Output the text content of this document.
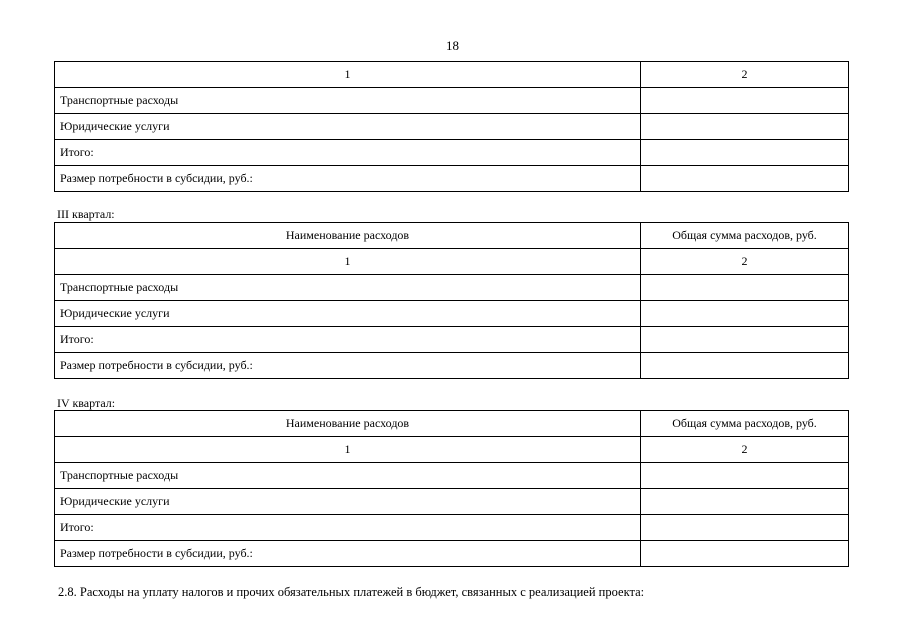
18
1	2
Транспортные расходы	
Юридические услуги	
Итого:	
Размер потребности в субсидии, руб.:	
III квартал:
Наименование расходов	Общая сумма расходов, руб.
1	2
Транспортные расходы	
Юридические услуги	
Итого:	
Размер потребности в субсидии, руб.:	
IV квартал:
Наименование расходов	Общая сумма расходов, руб.
1	2
Транспортные расходы	
Юридические услуги	
Итого:	
Размер потребности в субсидии, руб.:	
2.8. Расходы на уплату налогов и прочих обязательных платежей в бюджет, связанных с реализацией проекта:
